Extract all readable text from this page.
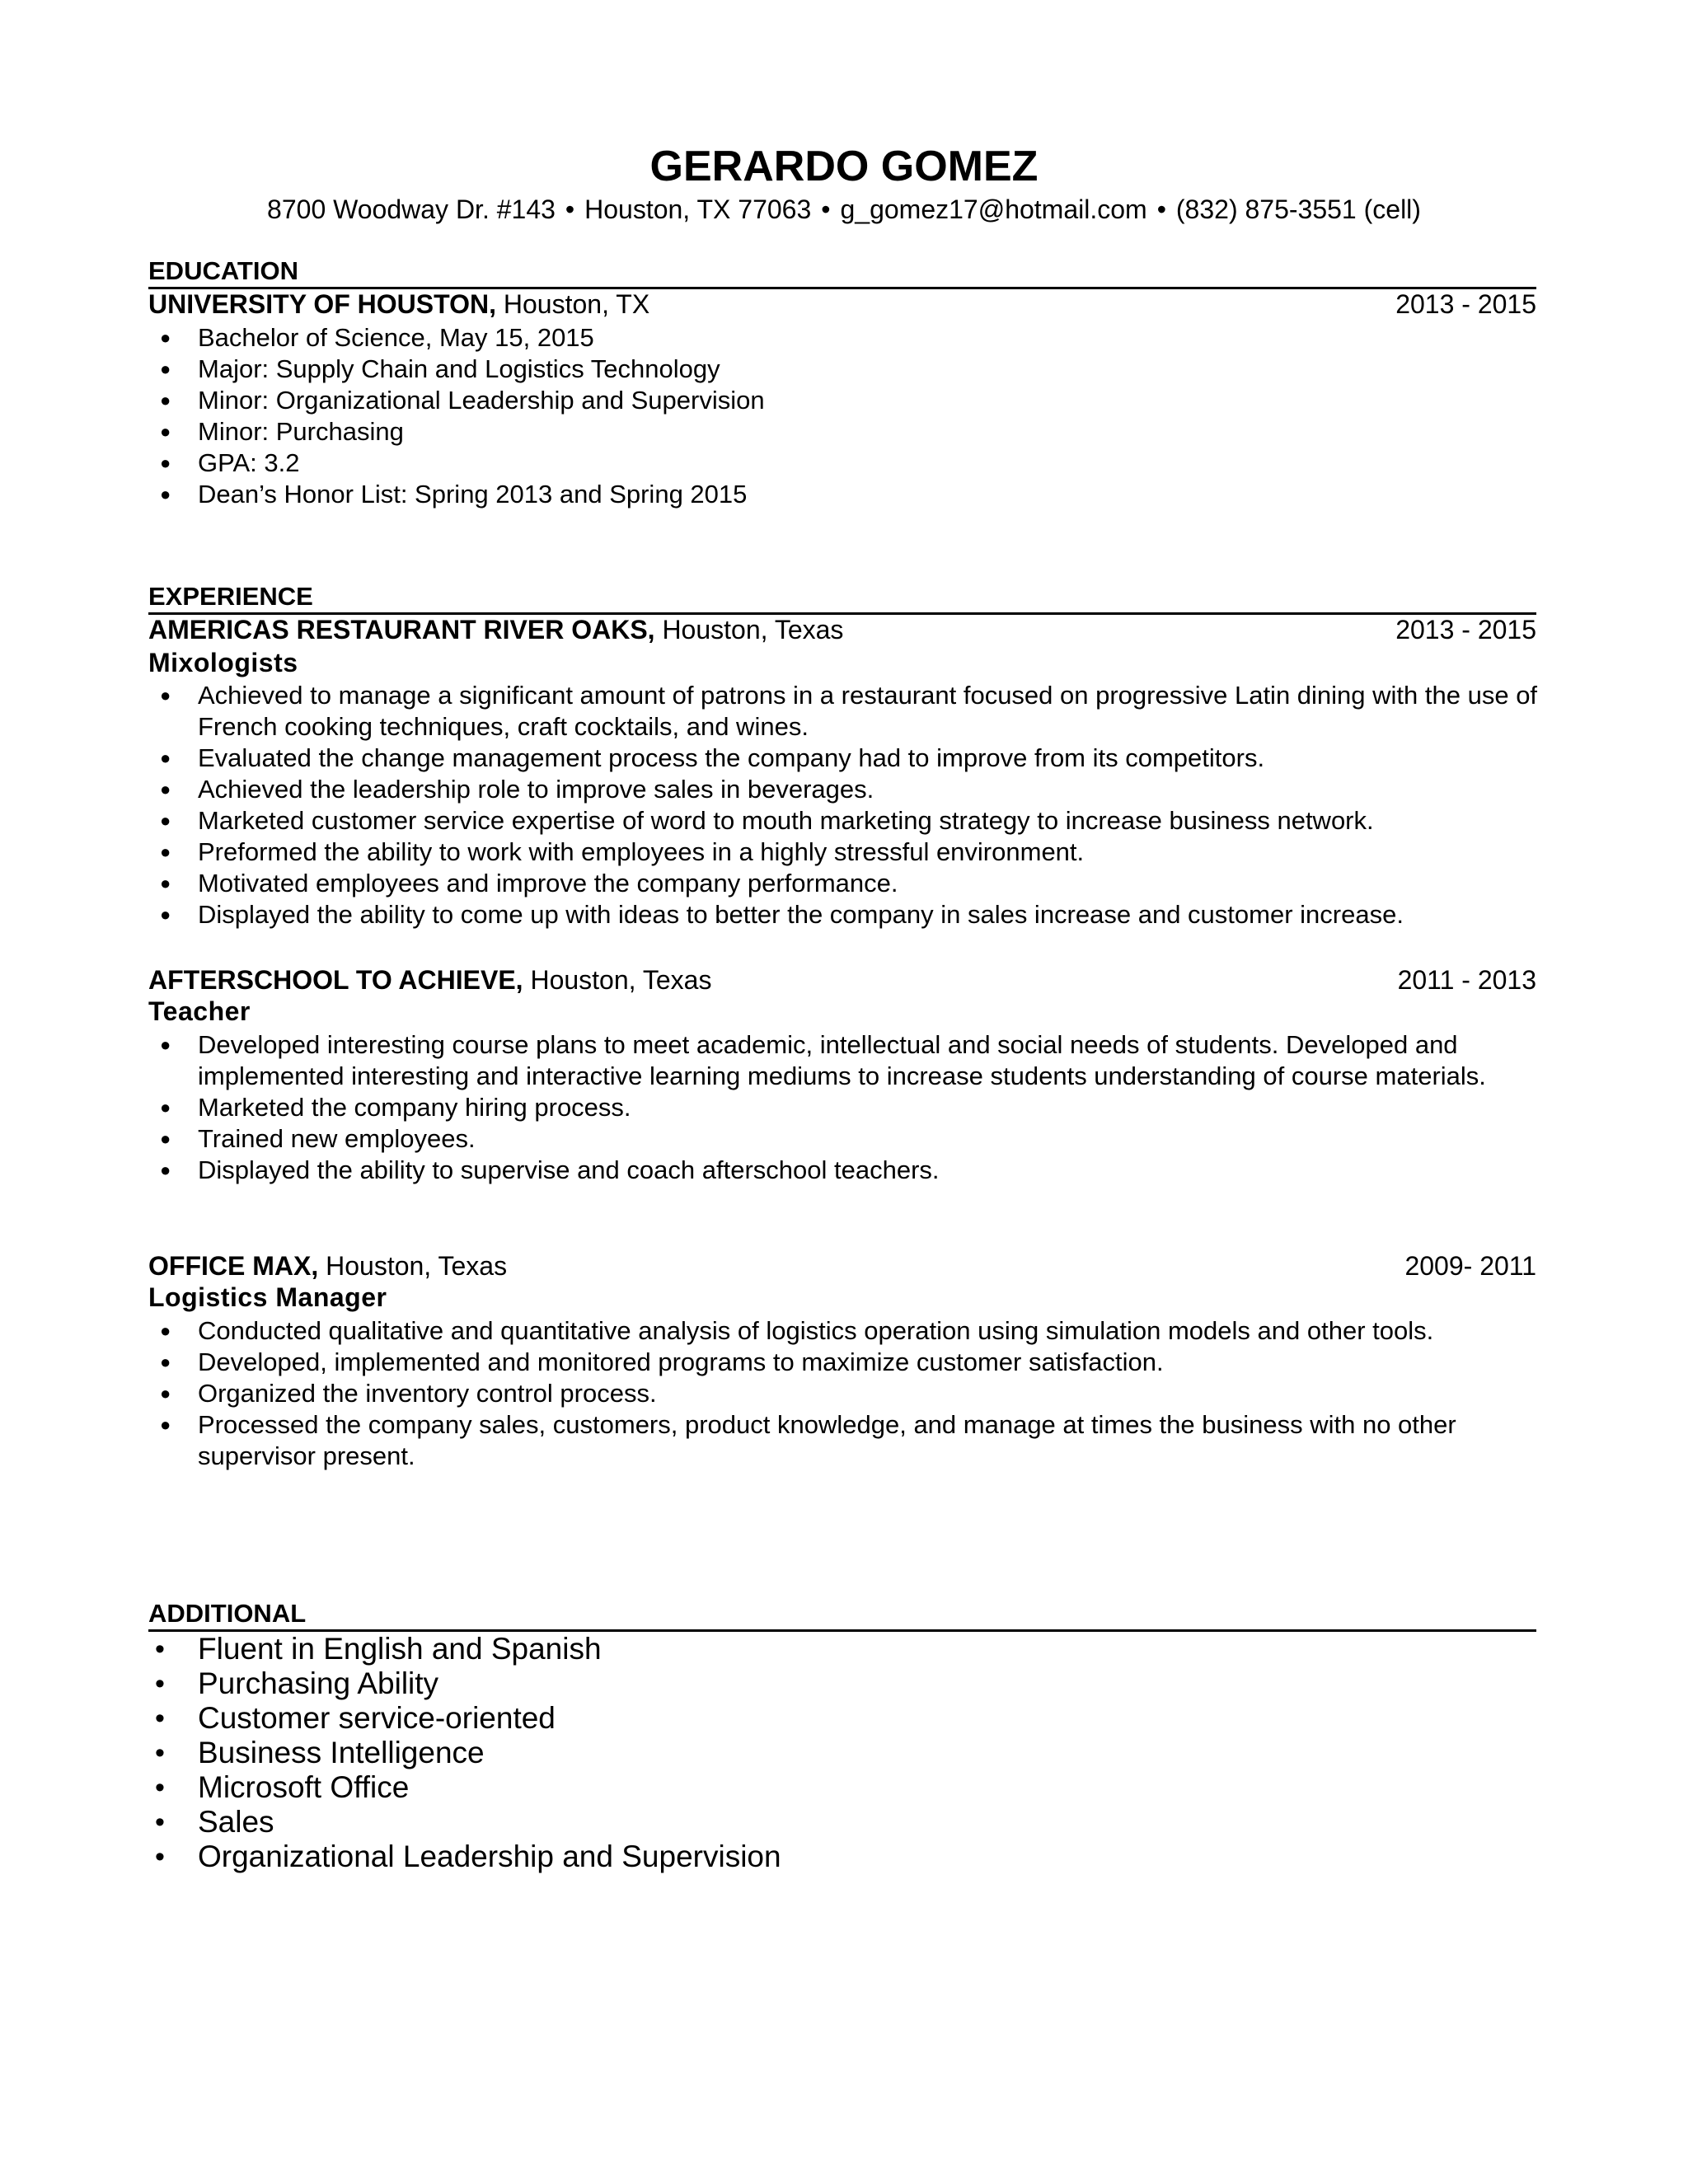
GERARDO GOMEZ
8700 Woodway Dr. #143 • Houston, TX 77063 • g_gomez17@hotmail.com • (832) 875-3551 (cell)
EDUCATION
UNIVERSITY OF HOUSTON, Houston, TX	2013 - 2015
● Bachelor of Science, May 15, 2015
● Major: Supply Chain and Logistics Technology
● Minor: Organizational Leadership and Supervision
● Minor: Purchasing
● GPA: 3.2
● Dean’s Honor List: Spring 2013 and Spring 2015
EXPERIENCE
AMERICAS RESTAURANT RIVER OAKS, Houston, Texas	2013 - 2015
Mixologists
● Achieved to manage a significant amount of patrons in a restaurant focused on progressive Latin dining with the use of French cooking techniques, craft cocktails, and wines.
● Evaluated the change management process the company had to improve from its competitors.
● Achieved the leadership role to improve sales in beverages.
● Marketed customer service expertise of word to mouth marketing strategy to increase business network.
● Preformed the ability to work with employees in a highly stressful environment.
● Motivated employees and improve the company performance.
● Displayed the ability to come up with ideas to better the company in sales increase and customer increase.
AFTERSCHOOL TO ACHIEVE, Houston, Texas	2011 - 2013
Teacher
● Developed interesting course plans to meet academic, intellectual and social needs of students. Developed and implemented interesting and interactive learning mediums to increase students understanding of course materials.
● Marketed the company hiring process.
● Trained new employees.
● Displayed the ability to supervise and coach afterschool teachers.
OFFICE MAX, Houston, Texas	2009- 2011
Logistics Manager
● Conducted qualitative and quantitative analysis of logistics operation using simulation models and other tools.
● Developed, implemented and monitored programs to maximize customer satisfaction.
● Organized the inventory control process.
● Processed the company sales, customers, product knowledge, and manage at times the business with no other supervisor present.
ADDITIONAL
• Fluent in English and Spanish
• Purchasing Ability
• Customer service-oriented
• Business Intelligence
• Microsoft Office
• Sales
• Organizational Leadership and Supervision
